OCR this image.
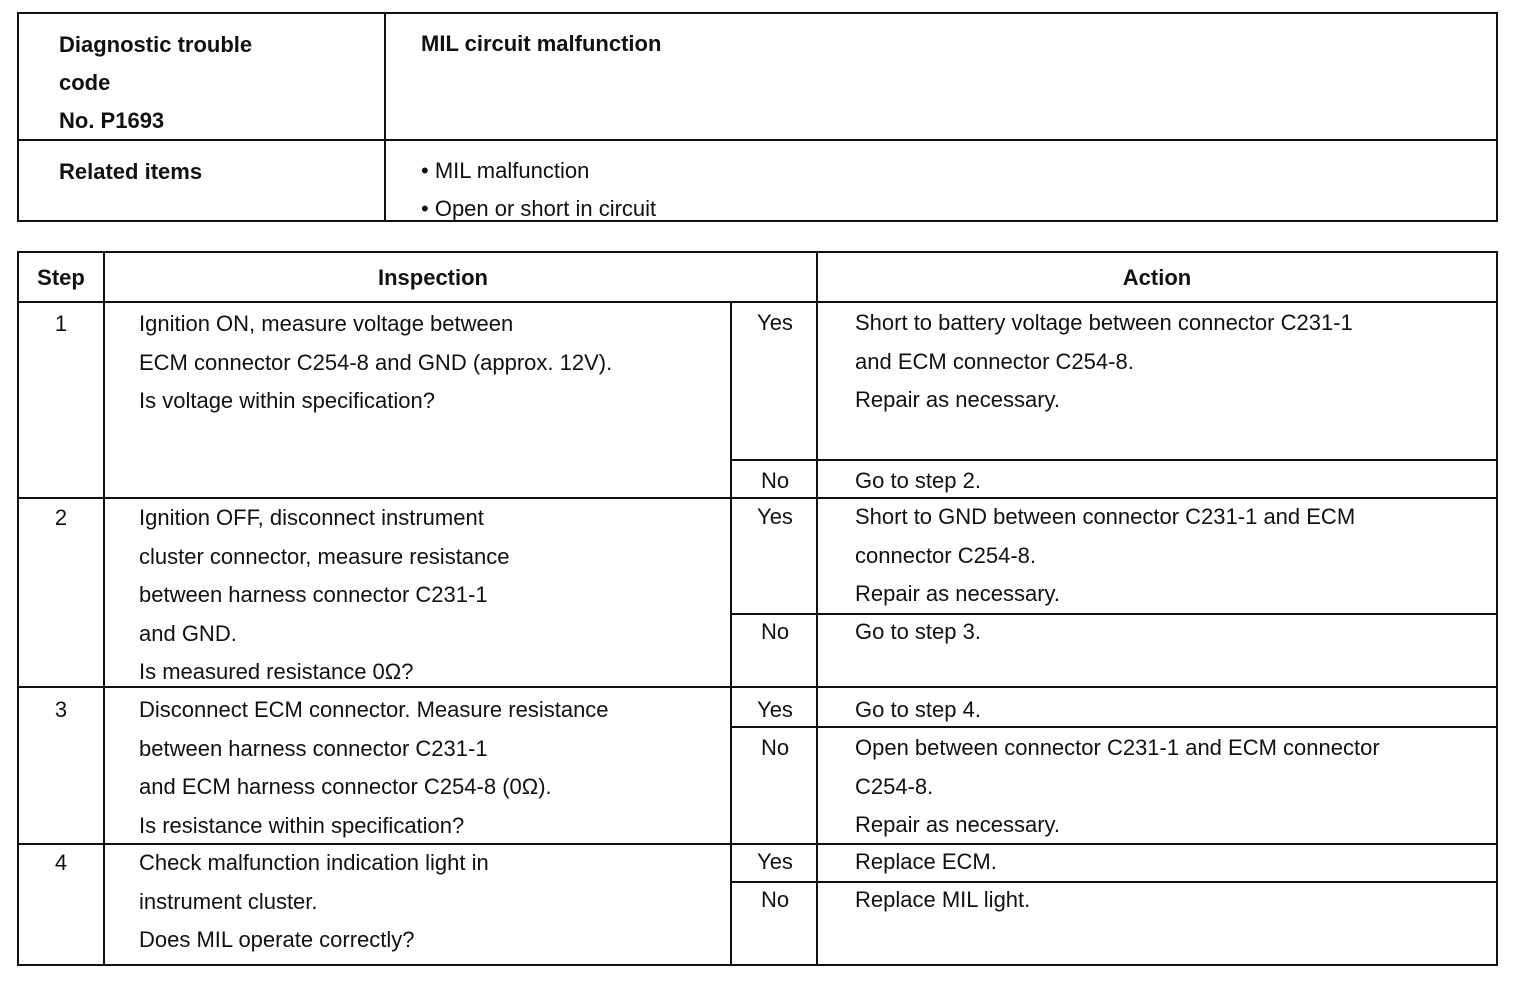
Diagnostic trouble
code
No. P1693
MIL circuit malfunction
Related items
•	MIL malfunction
• Open or short in circuit
Step	Inspection	Action
1	Ignition ON, measure voltage between
ECM connector C254-8 and GND (approx. 12V).
Is voltage within specification?
Yes	Short to battery voltage between connector C231-1
and ECM connector C254-8.
Repair as necessary.
No	Go to step 2.
2	Ignition OFF, disconnect instrument
cluster connector, measure resistance
between harness connector C231-1
and GND.
Is measured resistance 0Ω?
Yes	Short to GND between connector C231-1 and ECM
connector C254-8.
Repair as necessary.
No	Go to step 3.
3	Disconnect ECM connector. Measure resistance
between harness connector C231-1
and ECM harness connector C254-8 (0Ω).
Is resistance within specification?
Yes	Go to step 4.
No	Open between connector C231-1 and ECM connector
C254-8.
Repair as necessary.
4	Check malfunction indication light in
instrument cluster.
Does MIL operate correctly?
Yes	Replace ECM.
No	Replace MIL light.
